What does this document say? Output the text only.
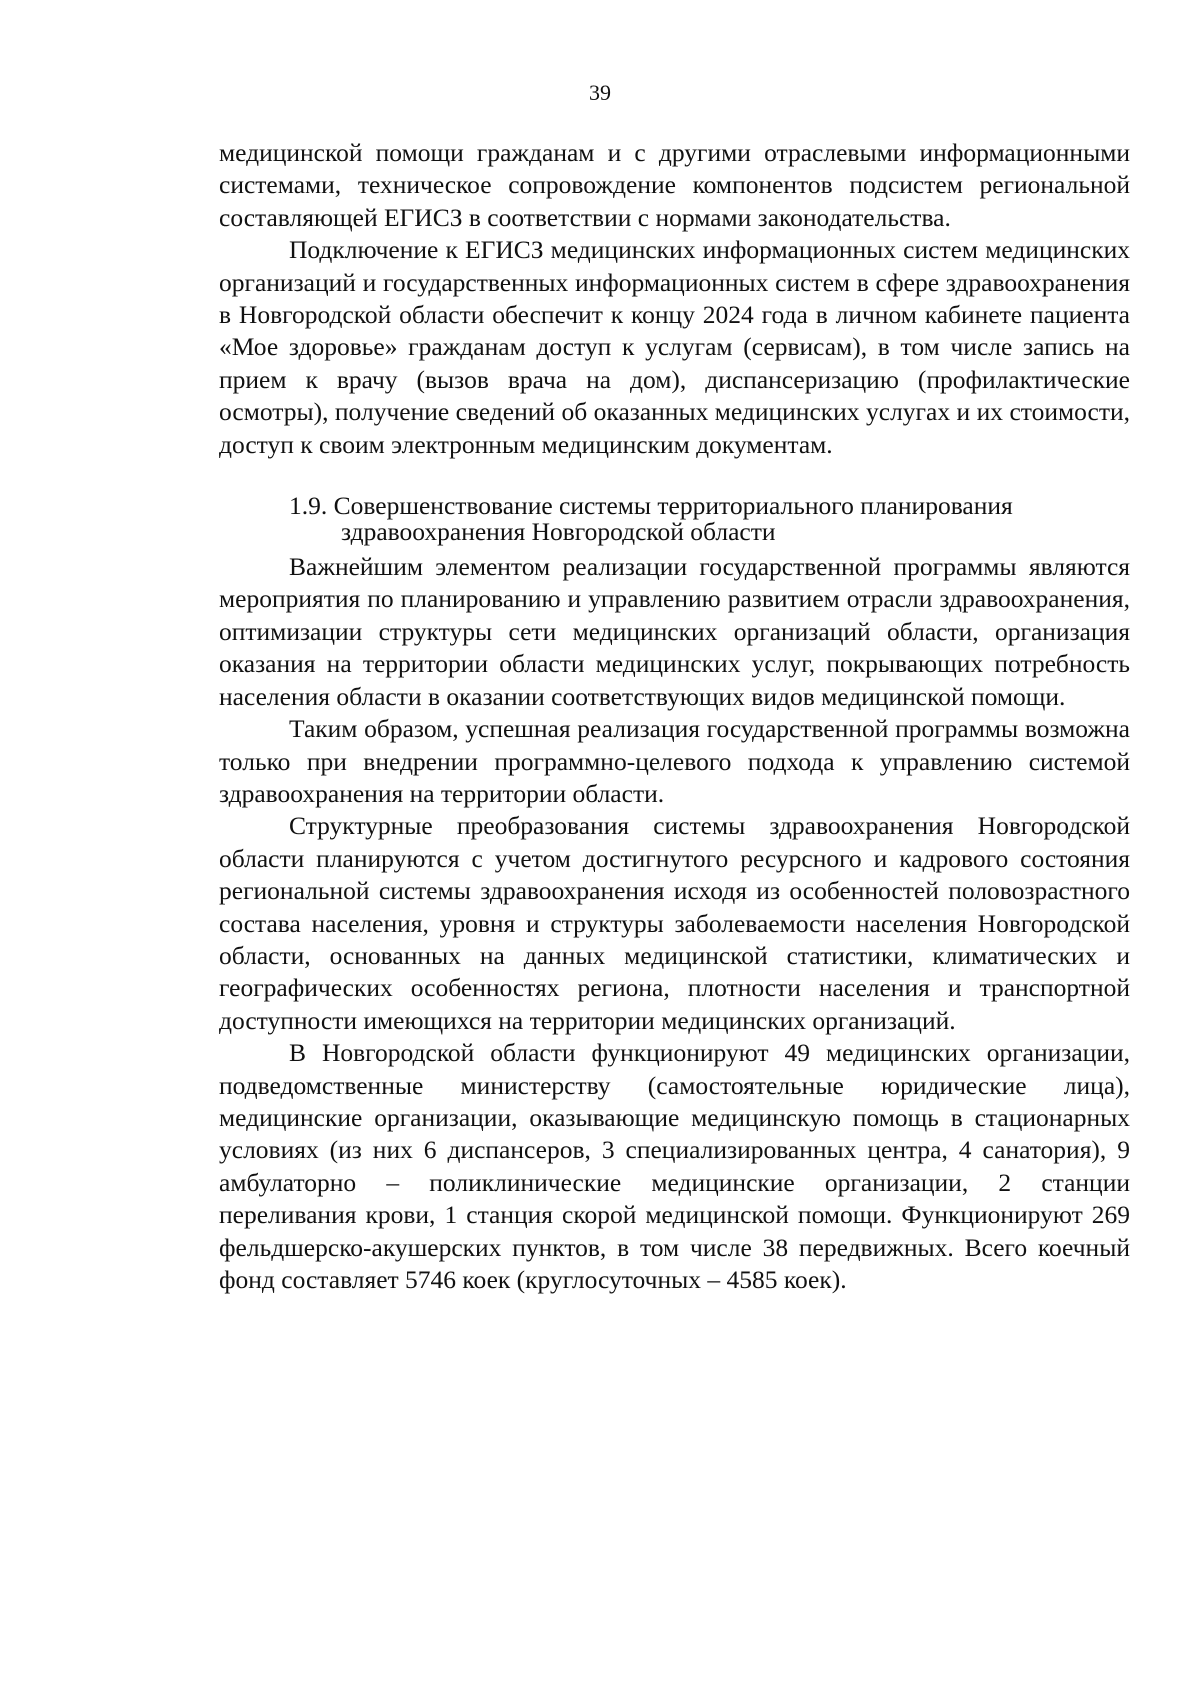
39

медицинской помощи гражданам и с другими отраслевыми информационными системами, техническое сопровождение компонентов подсистем региональной составляющей ЕГИСЗ в соответствии с нормами законодательства.

Подключение к ЕГИСЗ медицинских информационных систем медицинских организаций и государственных информационных систем в сфере здравоохранения в Новгородской области обеспечит к концу 2024 года в личном кабинете пациента «Мое здоровье» гражданам доступ к услугам (сервисам), в том числе запись на прием к врачу (вызов врача на дом), диспансеризацию (профилактические осмотры), получение сведений об оказанных медицинских услугах и их стоимости, доступ к своим электронным медицинским документам.

1.9. Совершенствование системы территориального планирования
здравоохранения Новгородской области

Важнейшим элементом реализации государственной программы являются мероприятия по планированию и управлению развитием отрасли здравоохранения, оптимизации структуры сети медицинских организаций области, организация оказания на территории области медицинских услуг, покрывающих потребность населения области в оказании соответствующих видов медицинской помощи.

Таким образом, успешная реализация государственной программы возможна только при внедрении программно-целевого подхода к управлению системой здравоохранения на территории области.

Структурные преобразования системы здравоохранения Новгородской области планируются с учетом достигнутого ресурсного и кадрового состояния региональной системы здравоохранения исходя из особенностей половозрастного состава населения, уровня и структуры заболеваемости населения Новгородской области, основанных на данных медицинской статистики, климатических и географических особенностях региона, плотности населения и транспортной доступности имеющихся на территории медицинских организаций.

В Новгородской области функционируют 49 медицинских организации, подведомственные министерству (самостоятельные юридические лица), медицинские организации, оказывающие медицинскую помощь в стационарных условиях (из них 6 диспансеров, 3 специализированных центра, 4 санатория), 9 амбулаторно – поликлинические медицинские организации, 2 станции переливания крови, 1 станция скорой медицинской помощи. Функционируют 269 фельдшерско-акушерских пунктов, в том числе 38 передвижных. Всего коечный фонд составляет 5746 коек (круглосуточных – 4585 коек).
